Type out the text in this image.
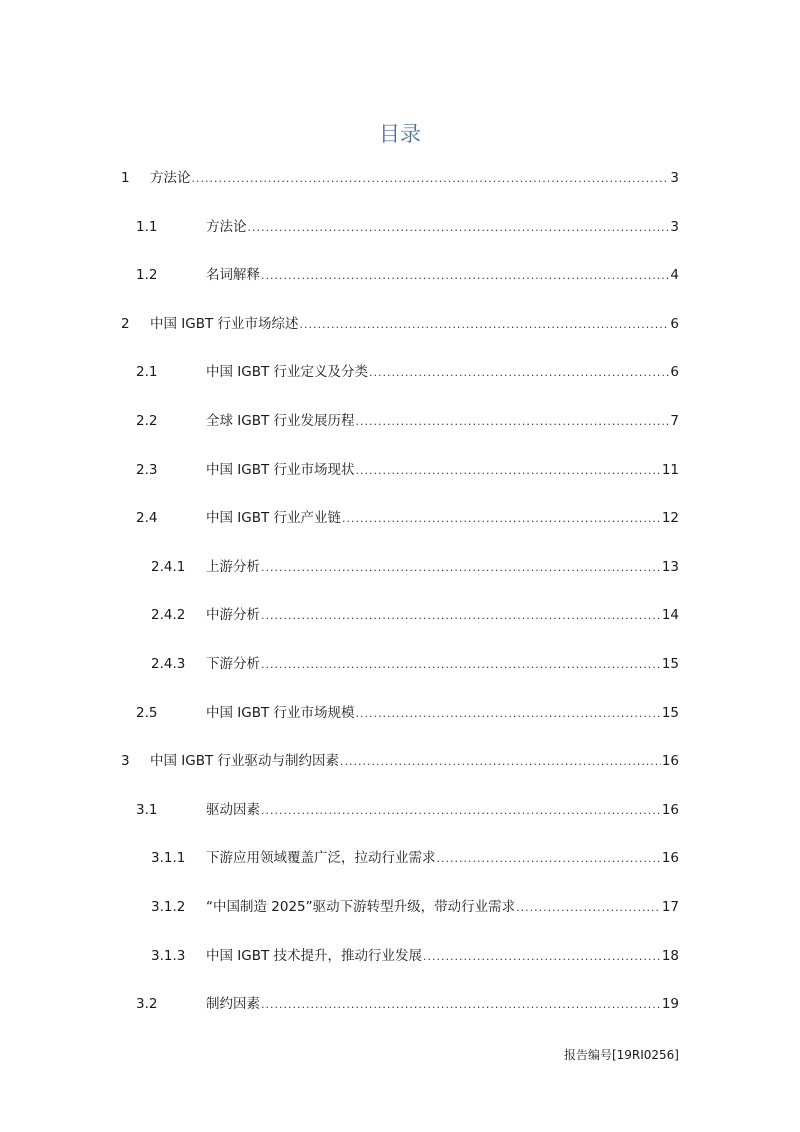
目录
1 方法论 .....	3
1.1	方法论 .....	3
1.2	名词解释 .....	4
2 中国 IGBT 行业市场综述 .....	6
2.1	中国 IGBT 行业定义及分类 .....	6
2.2	全球 IGBT 行业发展历程 .....	7
2.3	中国 IGBT 行业市场现状 .....	11
2.4	中国 IGBT 行业产业链 .....	12
2.4.1 上游分析 .....	13
2.4.2 中游分析 .....	14
2.4.3 下游分析 .....	15
2.5	中国 IGBT 行业市场规模 .....	15
3 中国 IGBT 行业驱动与制约因素 .....	16
3.1	驱动因素 .....	16
3.1.1 下游应用领域覆盖广泛，拉动行业需求 .....	16
3.1.2 “中国制造 2025”驱动下游转型升级，带动行业需求 .....	17
3.1.3 中国 IGBT 技术提升，推动行业发展 .....	18
3.2	制约因素 .....	19
报告编号[19RI0256]
